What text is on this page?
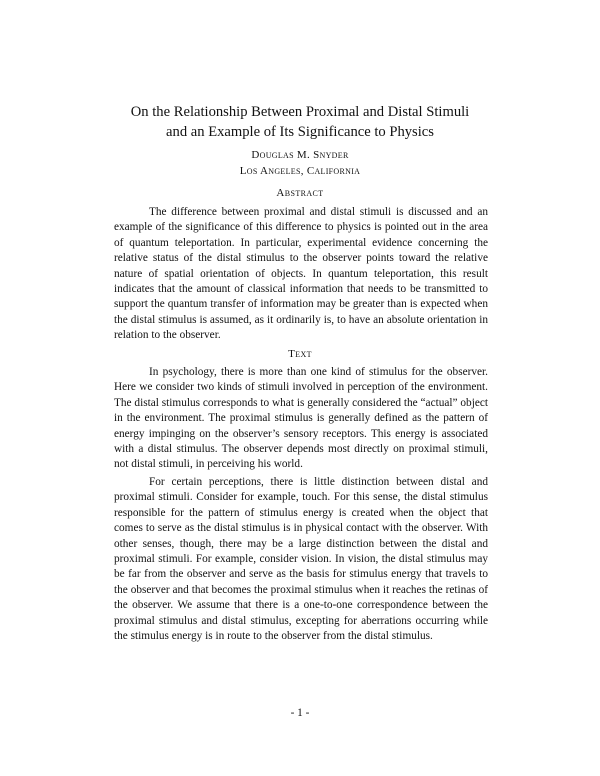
On the Relationship Between Proximal and Distal Stimuli
and an Example of Its Significance to Physics
Douglas M. Snyder
Los Angeles, California
Abstract

The difference between proximal and distal stimuli is discussed and an example of the significance of this difference to physics is pointed out in the area of quantum teleportation. In particular, experimental evidence concerning the relative status of the distal stimulus to the observer points toward the relative nature of spatial orientation of objects. In quantum teleportation, this result indicates that the amount of classical information that needs to be transmitted to support the quantum transfer of information may be greater than is expected when the distal stimulus is assumed, as it ordinarily is, to have an absolute orientation in relation to the observer.

Text

In psychology, there is more than one kind of stimulus for the observer. Here we consider two kinds of stimuli involved in perception of the environment. The distal stimulus corresponds to what is generally considered the “actual” object in the environment. The proximal stimulus is generally defined as the pattern of energy impinging on the observer’s sensory receptors. This energy is associated with a distal stimulus. The observer depends most directly on proximal stimuli, not distal stimuli, in perceiving his world.

For certain perceptions, there is little distinction between distal and proximal stimuli. Consider for example, touch. For this sense, the distal stimulus responsible for the pattern of stimulus energy is created when the object that comes to serve as the distal stimulus is in physical contact with the observer. With other senses, though, there may be a large distinction between the distal and proximal stimuli. For example, consider vision. In vision, the distal stimulus may be far from the observer and serve as the basis for stimulus energy that travels to the observer and that becomes the proximal stimulus when it reaches the retinas of the observer. We assume that there is a one-to-one correspondence between the proximal stimulus and distal stimulus, excepting for aberrations occurring while the stimulus energy is in route to the observer from the distal stimulus.

- 1 -
